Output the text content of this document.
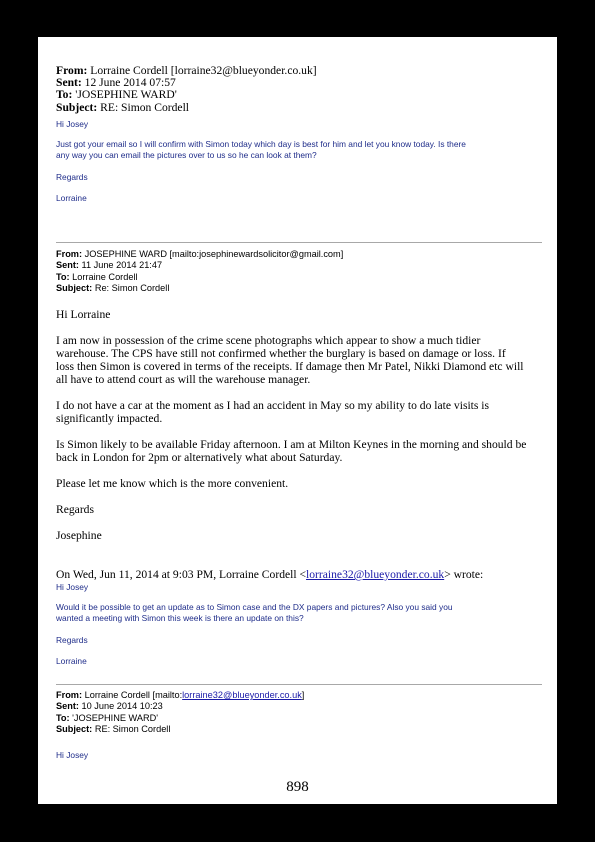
From: Lorraine Cordell [lorraine32@blueyonder.co.uk]
Sent: 12 June 2014 07:57
To: 'JOSEPHINE WARD'
Subject: RE: Simon Cordell
Hi Josey
Just got your email so I will confirm with Simon today which day is best for him and let you know today. Is there
any way you can email the pictures over to us so he can look at them?
Regards
Lorraine
From: JOSEPHINE WARD [mailto:josephinewardsolicitor@gmail.com]
Sent: 11 June 2014 21:47
To: Lorraine Cordell
Subject: Re: Simon Cordell
Hi Lorraine
I am now in possession of the crime scene photographs which appear to show a much tidier
warehouse. The CPS have still not confirmed whether the burglary is based on damage or loss. If
loss then Simon is covered in terms of the receipts. If damage then Mr Patel, Nikki Diamond etc will
all have to attend court as will the warehouse manager.
I do not have a car at the moment as I had an accident in May so my ability to do late visits is
significantly impacted.
Is Simon likely to be available Friday afternoon. I am at Milton Keynes in the morning and should be
back in London for 2pm or alternatively what about Saturday.
Please let me know which is the more convenient.
Regards
Josephine
On Wed, Jun 11, 2014 at 9:03 PM, Lorraine Cordell <lorraine32@blueyonder.co.uk> wrote:
Hi Josey
Would it be possible to get an update as to Simon case and the DX papers and pictures? Also you said you
wanted a meeting with Simon this week is there an update on this?
Regards
Lorraine
From: Lorraine Cordell [mailto:lorraine32@blueyonder.co.uk]
Sent: 10 June 2014 10:23
To: 'JOSEPHINE WARD'
Subject: RE: Simon Cordell
Hi Josey
898
